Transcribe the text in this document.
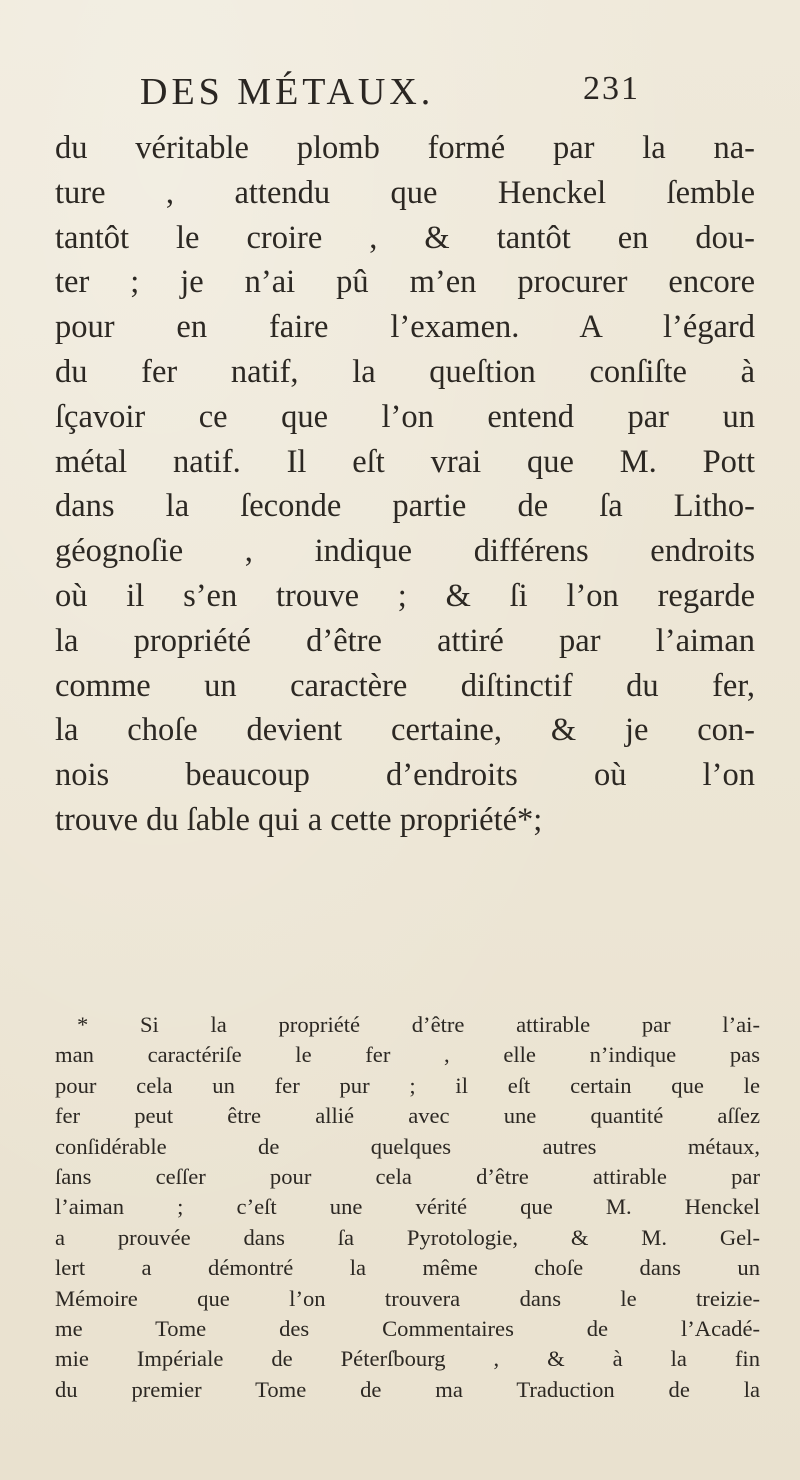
DES MÉTAUX.	231
du véritable plomb formé par la na-
ture , attendu que Henckel ſemble
tantôt le croire , & tantôt en dou-
ter ; je n’ai pû m’en procurer encore
pour en faire l’examen. A l’égard
du fer natif, la queſtion conſiſte à
ſçavoir ce que l’on entend par un
métal natif. Il eſt vrai que M. Pott
dans la ſeconde partie de ſa Litho-
géognoſie , indique différens endroits
où il s’en trouve ; & ſi l’on regarde
la propriété d’être attiré par l’aiman
comme un caractère diſtinctif du fer,
la choſe devient certaine, & je con-
nois beaucoup d’endroits où l’on
trouve du ſable qui a cette propriété*;
* Si la propriété d’être attirable par l’ai-
man caractériſe le fer , elle n’indique pas
pour cela un fer pur ; il eſt certain que le
fer peut être allié avec une quantité aſſez
conſidérable de quelques autres métaux,
ſans ceſſer pour cela d’être attirable par
l’aiman ; c’eſt une vérité que M. Henckel
a prouvée dans ſa Pyrotologie, & M. Gel-
lert a démontré la même choſe dans un
Mémoire que l’on trouvera dans le treizie-
me Tome des Commentaires de l’Acadé-
mie Impériale de Péterſbourg , & à la fin
du premier Tome de ma Traduction de la
